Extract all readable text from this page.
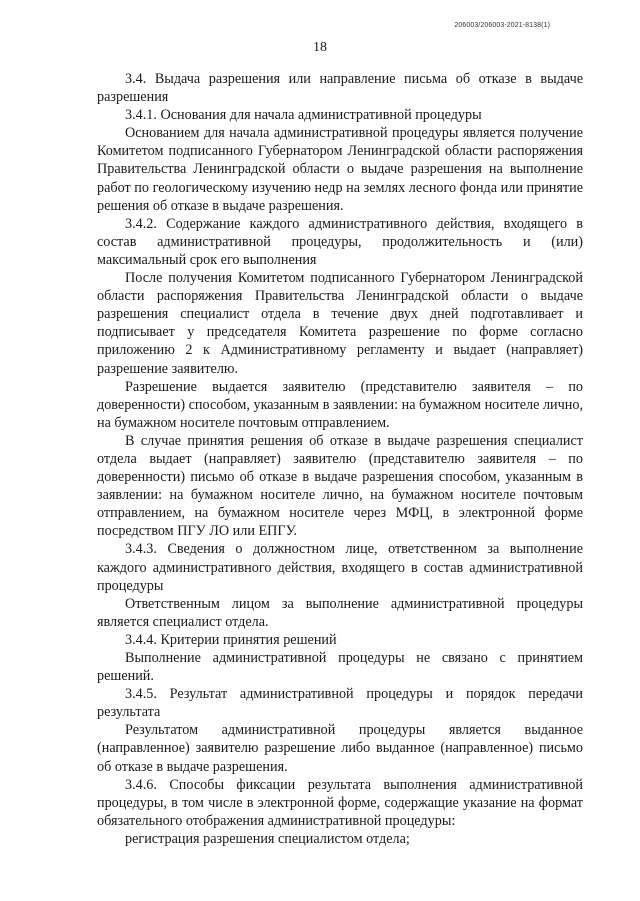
206003/206003-2021-8138(1)
18

3.4. Выдача разрешения или направление письма об отказе в выдаче разрешения

3.4.1. Основания для начала административной процедуры

Основанием для начала административной процедуры является получение Комитетом подписанного Губернатором Ленинградской области распоряжения Правительства Ленинградской области о выдаче разрешения на выполнение работ по геологическому изучению недр на землях лесного фонда или принятие решения об отказе в выдаче разрешения.

3.4.2. Содержание каждого административного действия, входящего в состав административной процедуры, продолжительность и (или) максимальный срок его выполнения

После получения Комитетом подписанного Губернатором Ленинградской области распоряжения Правительства Ленинградской области о выдаче разрешения специалист отдела в течение двух дней подготавливает и подписывает у председателя Комитета разрешение по форме согласно приложению 2 к Административному регламенту и выдает (направляет) разрешение заявителю.

Разрешение выдается заявителю (представителю заявителя – по доверенности) способом, указанным в заявлении: на бумажном носителе лично, на бумажном носителе почтовым отправлением.

В случае принятия решения об отказе в выдаче разрешения специалист отдела выдает (направляет) заявителю (представителю заявителя – по доверенности) письмо об отказе в выдаче разрешения способом, указанным в заявлении: на бумажном носителе лично, на бумажном носителе почтовым отправлением, на бумажном носителе через МФЦ, в электронной форме посредством ПГУ ЛО или ЕПГУ.

3.4.3. Сведения о должностном лице, ответственном за выполнение каждого административного действия, входящего в состав административной процедуры

Ответственным лицом за выполнение административной процедуры является специалист отдела.

3.4.4. Критерии принятия решений

Выполнение административной процедуры не связано с принятием решений.

3.4.5. Результат административной процедуры и порядок передачи результата

Результатом административной процедуры является выданное (направленное) заявителю разрешение либо выданное (направленное) письмо об отказе в выдаче разрешения.

3.4.6. Способы фиксации результата выполнения административной процедуры, в том числе в электронной форме, содержащие указание на формат обязательного отображения административной процедуры:

регистрация разрешения специалистом отдела;
